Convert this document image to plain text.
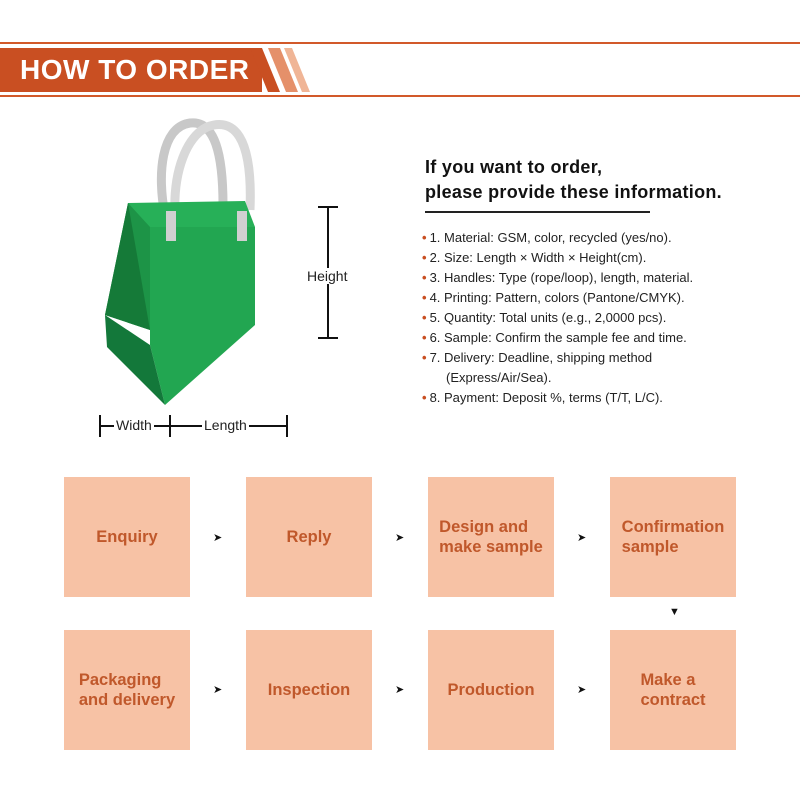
HOW TO ORDER
Height
Width	Length
If you want to order,
please provide these information.
• 1. Material: GSM, color, recycled (yes/no).
• 2. Size: Length × Width × Height(cm).
• 3. Handles: Type (rope/loop), length, material.
• 4. Printing: Pattern, colors (Pantone/CMYK).
• 5. Quantity: Total units (e.g., 2,0000 pcs).
• 6. Sample: Confirm the sample fee and time.
• 7. Delivery: Deadline, shipping method
(Express/Air/Sea).
• 8. Payment: Deposit %, terms (T/T, L/C).
Enquiry	Reply
Design and
make sample
Confirmation
sample
➤	➤	➤
▼
Packaging
and delivery
Inspection	Production
Make a
contract
➤	➤	➤
